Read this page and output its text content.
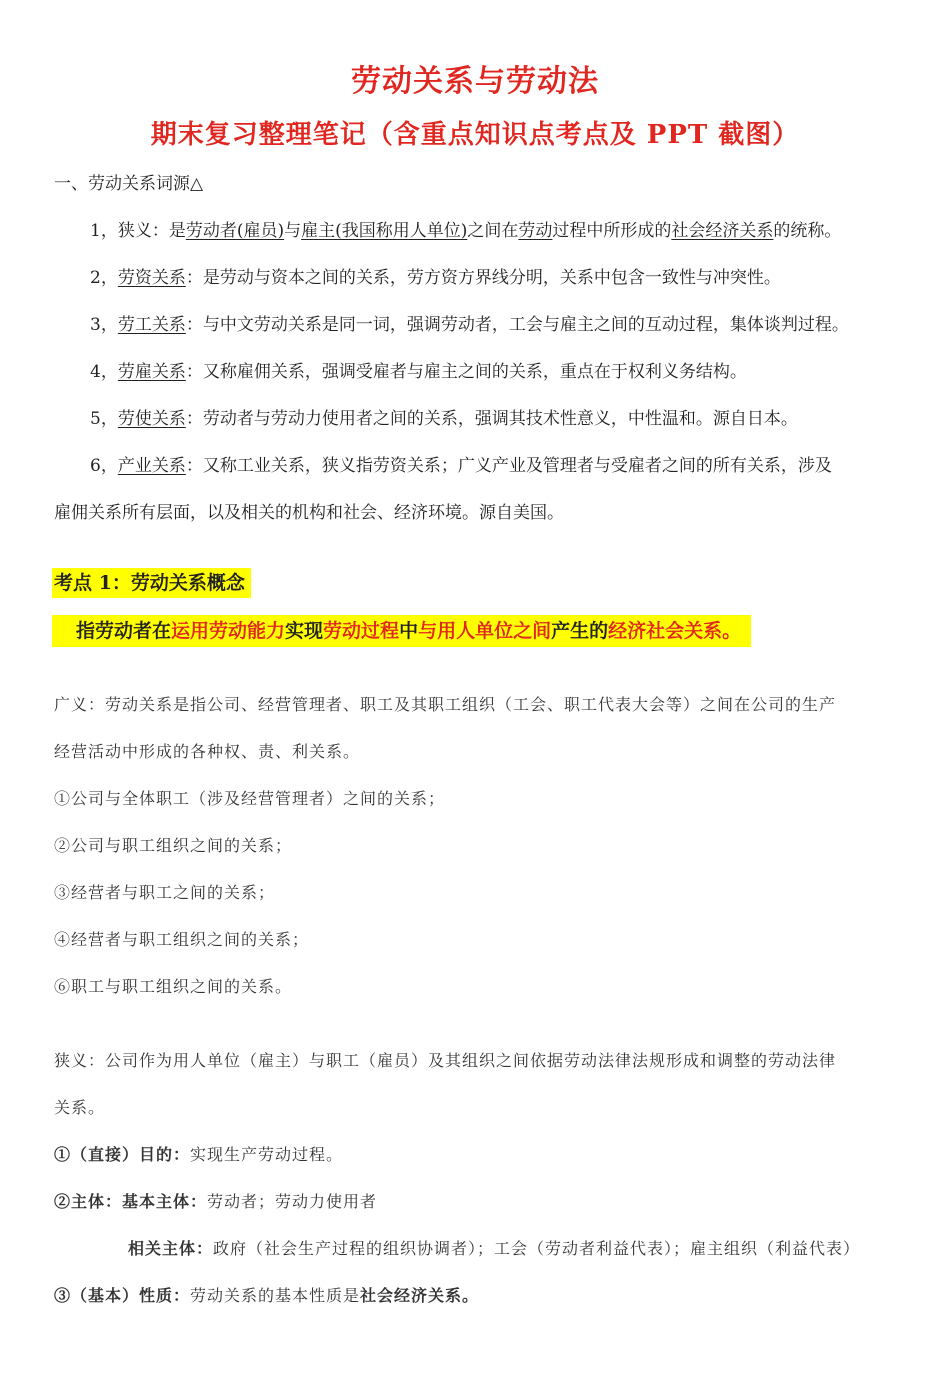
劳动关系与劳动法
期末复习整理笔记（含重点知识点考点及 PPT 截图）
一、劳动关系词源△
1，狭义：是劳动者(雇员)与雇主(我国称用人单位)之间在劳动过程中所形成的社会经济关系的统称。
2，劳资关系：是劳动与资本之间的关系，劳方资方界线分明，关系中包含一致性与冲突性。
3，劳工关系：与中文劳动关系是同一词，强调劳动者，工会与雇主之间的互动过程，集体谈判过程。
4，劳雇关系：又称雇佣关系，强调受雇者与雇主之间的关系，重点在于权利义务结构。
5，劳使关系：劳动者与劳动力使用者之间的关系，强调其技术性意义，中性温和。源自日本。
6，产业关系：又称工业关系，狭义指劳资关系；广义产业及管理者与受雇者之间的所有关系，涉及
雇佣关系所有层面，以及相关的机构和社会、经济环境。源自美国。
考点 1：劳动关系概念
指劳动者在运用劳动能力实现劳动过程中与用人单位之间产生的经济社会关系。
广义：劳动关系是指公司、经营管理者、职工及其职工组织（工会、职工代表大会等）之间在公司的生产
经营活动中形成的各种权、责、利关系。
①公司与全体职工（涉及经营管理者）之间的关系；
②公司与职工组织之间的关系；
③经营者与职工之间的关系；
④经营者与职工组织之间的关系；
⑥职工与职工组织之间的关系。
狭义：公司作为用人单位（雇主）与职工（雇员）及其组织之间依据劳动法律法规形成和调整的劳动法律
关系。
①（直接）目的：实现生产劳动过程。
②主体：基本主体：劳动者；劳动力使用者
相关主体：政府（社会生产过程的组织协调者）；工会（劳动者利益代表）；雇主组织（利益代表）
③（基本）性质：劳动关系的基本性质是社会经济关系。
